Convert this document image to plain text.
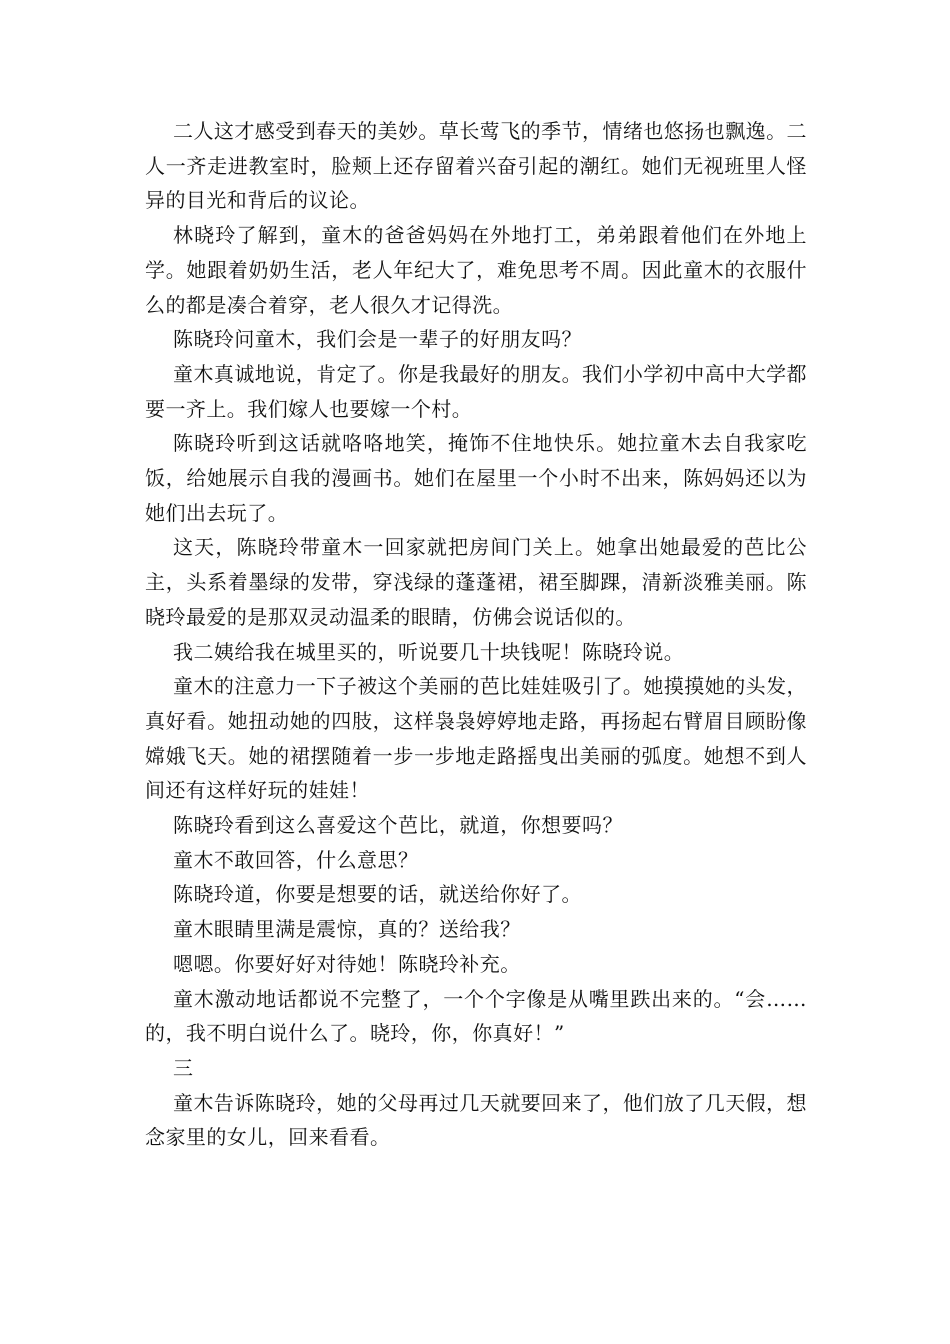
二人这才感受到春天的美妙。草长莺飞的季节，情绪也悠扬也飘逸。二人一齐走进教室时，脸颊上还存留着兴奋引起的潮红。她们无视班里人怪异的目光和背后的议论。

林晓玲了解到，童木的爸爸妈妈在外地打工，弟弟跟着他们在外地上学。她跟着奶奶生活，老人年纪大了，难免思考不周。因此童木的衣服什么的都是凑合着穿，老人很久才记得洗。

陈晓玲问童木，我们会是一辈子的好朋友吗？

童木真诚地说，肯定了。你是我最好的朋友。我们小学初中高中大学都要一齐上。我们嫁人也要嫁一个村。

陈晓玲听到这话就咯咯地笑，掩饰不住地快乐。她拉童木去自我家吃饭，给她展示自我的漫画书。她们在屋里一个小时不出来，陈妈妈还以为她们出去玩了。

这天，陈晓玲带童木一回家就把房间门关上。她拿出她最爱的芭比公主，头系着墨绿的发带，穿浅绿的蓬蓬裙，裙至脚踝，清新淡雅美丽。陈晓玲最爱的是那双灵动温柔的眼睛，仿佛会说话似的。

我二姨给我在城里买的，听说要几十块钱呢！陈晓玲说。

童木的注意力一下子被这个美丽的芭比娃娃吸引了。她摸摸她的头发，真好看。她扭动她的四肢，这样袅袅婷婷地走路，再扬起右臂眉目顾盼像嫦娥飞天。她的裙摆随着一步一步地走路摇曳出美丽的弧度。她想不到人间还有这样好玩的娃娃！

陈晓玲看到这么喜爱这个芭比，就道，你想要吗？

童木不敢回答，什么意思？

陈晓玲道，你要是想要的话，就送给你好了。

童木眼睛里满是震惊，真的？送给我？

嗯嗯。你要好好对待她！陈晓玲补充。

童木激动地话都说不完整了，一个个字像是从嘴里跌出来的。“会……的，我不明白说什么了。晓玲，你，你真好！”

三

童木告诉陈晓玲，她的父母再过几天就要回来了，他们放了几天假，想念家里的女儿，回来看看。
